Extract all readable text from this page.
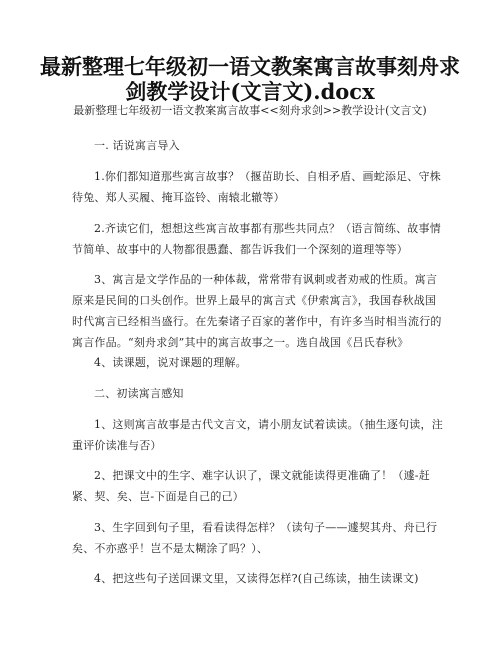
最新整理七年级初一语文教案寓言故事刻舟求剑教学设计(文言文).docx

最新整理七年级初一语文教案寓言故事<<刻舟求剑>>教学设计(文言文)

一. 话说寓言导入

1.你们都知道那些寓言故事？（揠苗助长、自相矛盾、画蛇添足、守株待兔、郑人买履、掩耳盗铃、南辕北辙等）

2.齐读它们，想想这些寓言故事都有那些共同点？（语言简练、故事情节简单、故事中的人物都很愚蠢、都告诉我们一个深刻的道理等等）

3、寓言是文学作品的一种体裁，常常带有讽刺或者劝戒的性质。寓言原来是民间的口头创作。世界上最早的寓言式《伊索寓言》，我国春秋战国时代寓言已经相当盛行。在先秦诸子百家的著作中，有许多当时相当流行的寓言作品。“刻舟求剑”其中的寓言故事之一。选自战国《吕氏春秋》

4、读课题，说对课题的理解。

二、初读寓言感知

1、这则寓言故事是古代文言文，请小朋友试着读读。（抽生逐句读，注重评价读准与否）

2、把课文中的生字、难字认识了，课文就能读得更准确了！（遽-赶紧、契、矣、岂-下面是自己的己）

3、生字回到句子里，看看读得怎样？（读句子——遽契其舟、舟已行矣、不亦惑乎！岂不是太糊涂了吗？）、

4、把这些句子送回课文里，又读得怎样?(自己练读，抽生读课文)
